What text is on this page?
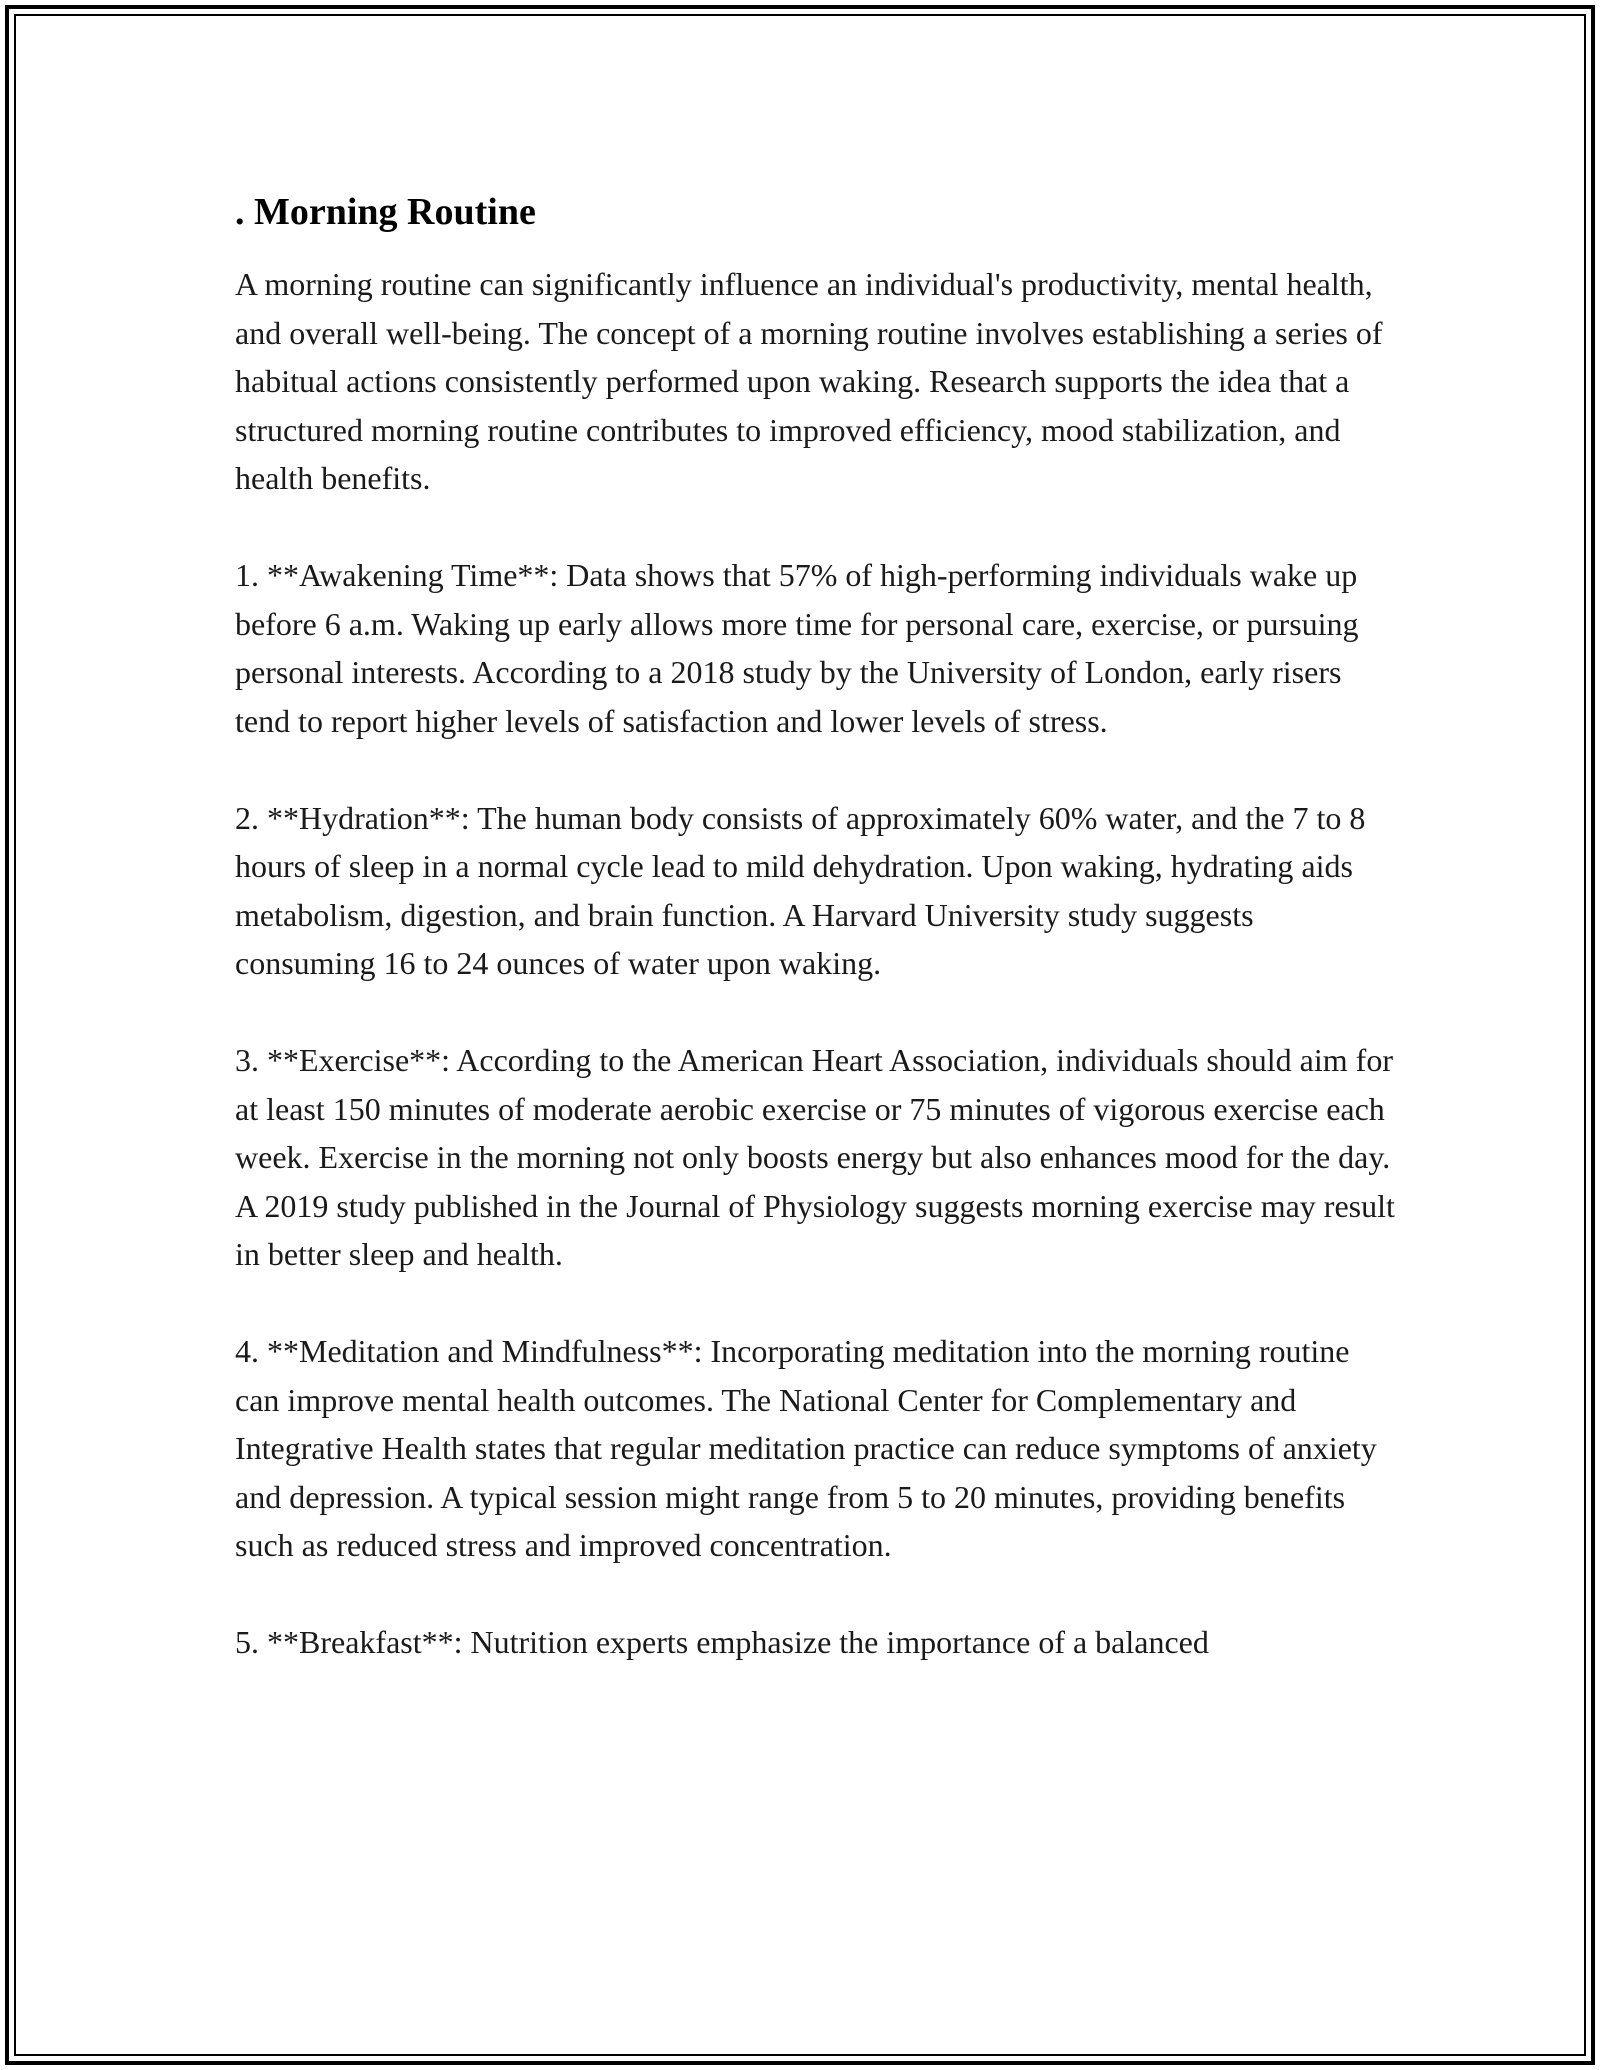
. Morning Routine

A morning routine can significantly influence an individual's productivity, mental health, and overall well-being. The concept of a morning routine involves establishing a series of habitual actions consistently performed upon waking. Research supports the idea that a structured morning routine contributes to improved efficiency, mood stabilization, and health benefits.

1. **Awakening Time**: Data shows that 57% of high-performing individuals wake up before 6 a.m. Waking up early allows more time for personal care, exercise, or pursuing personal interests. According to a 2018 study by the University of London, early risers tend to report higher levels of satisfaction and lower levels of stress.

2. **Hydration**: The human body consists of approximately 60% water, and the 7 to 8 hours of sleep in a normal cycle lead to mild dehydration. Upon waking, hydrating aids metabolism, digestion, and brain function. A Harvard University study suggests consuming 16 to 24 ounces of water upon waking.

3. **Exercise**: According to the American Heart Association, individuals should aim for at least 150 minutes of moderate aerobic exercise or 75 minutes of vigorous exercise each week. Exercise in the morning not only boosts energy but also enhances mood for the day. A 2019 study published in the Journal of Physiology suggests morning exercise may result in better sleep and health.

4. **Meditation and Mindfulness**: Incorporating meditation into the morning routine can improve mental health outcomes. The National Center for Complementary and Integrative Health states that regular meditation practice can reduce symptoms of anxiety and depression. A typical session might range from 5 to 20 minutes, providing benefits such as reduced stress and improved concentration.

5. **Breakfast**: Nutrition experts emphasize the importance of a balanced
